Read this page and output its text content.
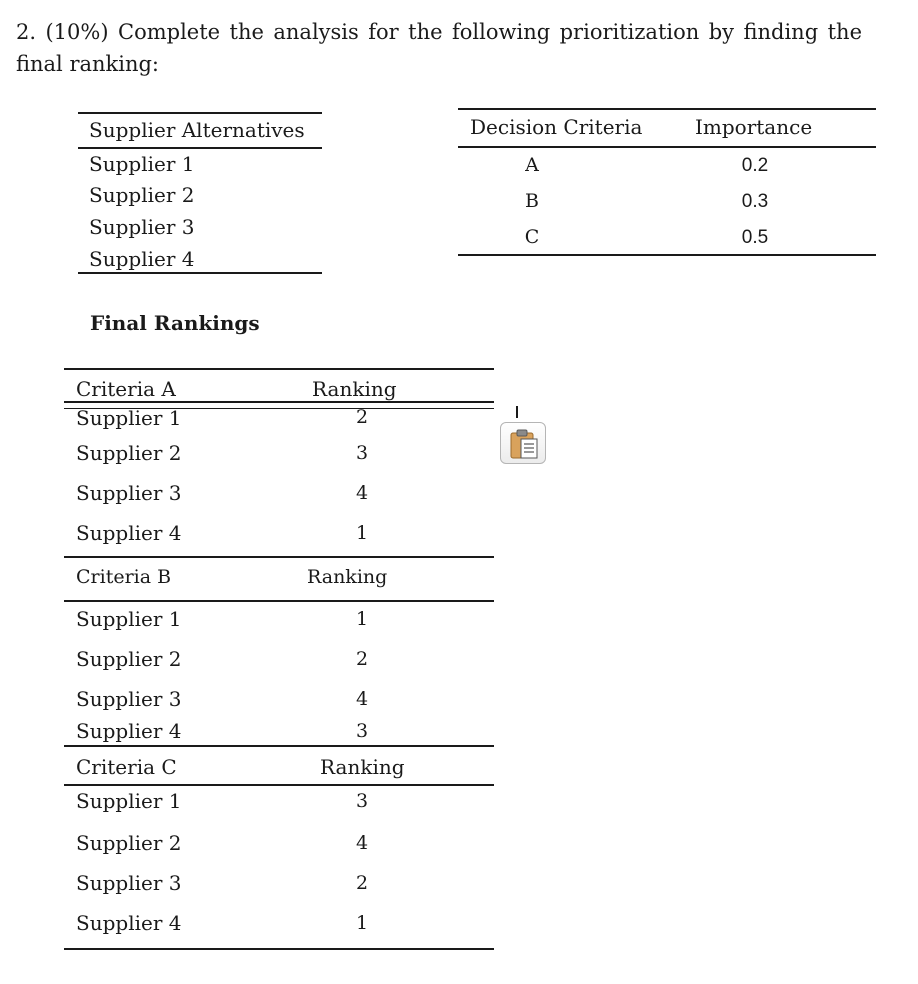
2. (10%) Complete the analysis for the following prioritization by finding the final ranking:
Supplier Alternatives
Supplier 1
Supplier 2
Supplier 3
Supplier 4
Decision Criteria	Importance
A	0.2
B	0.3
C	0.5
Final Rankings
Criteria A	Ranking
Supplier 1	2
Supplier 2	3
Supplier 3	4
Supplier 4	1
Criteria B	Ranking
Supplier 1	1
Supplier 2	2
Supplier 3	4
Supplier 4	3
Criteria C	Ranking
Supplier 1	3
Supplier 2	4
Supplier 3	2
Supplier 4	1
